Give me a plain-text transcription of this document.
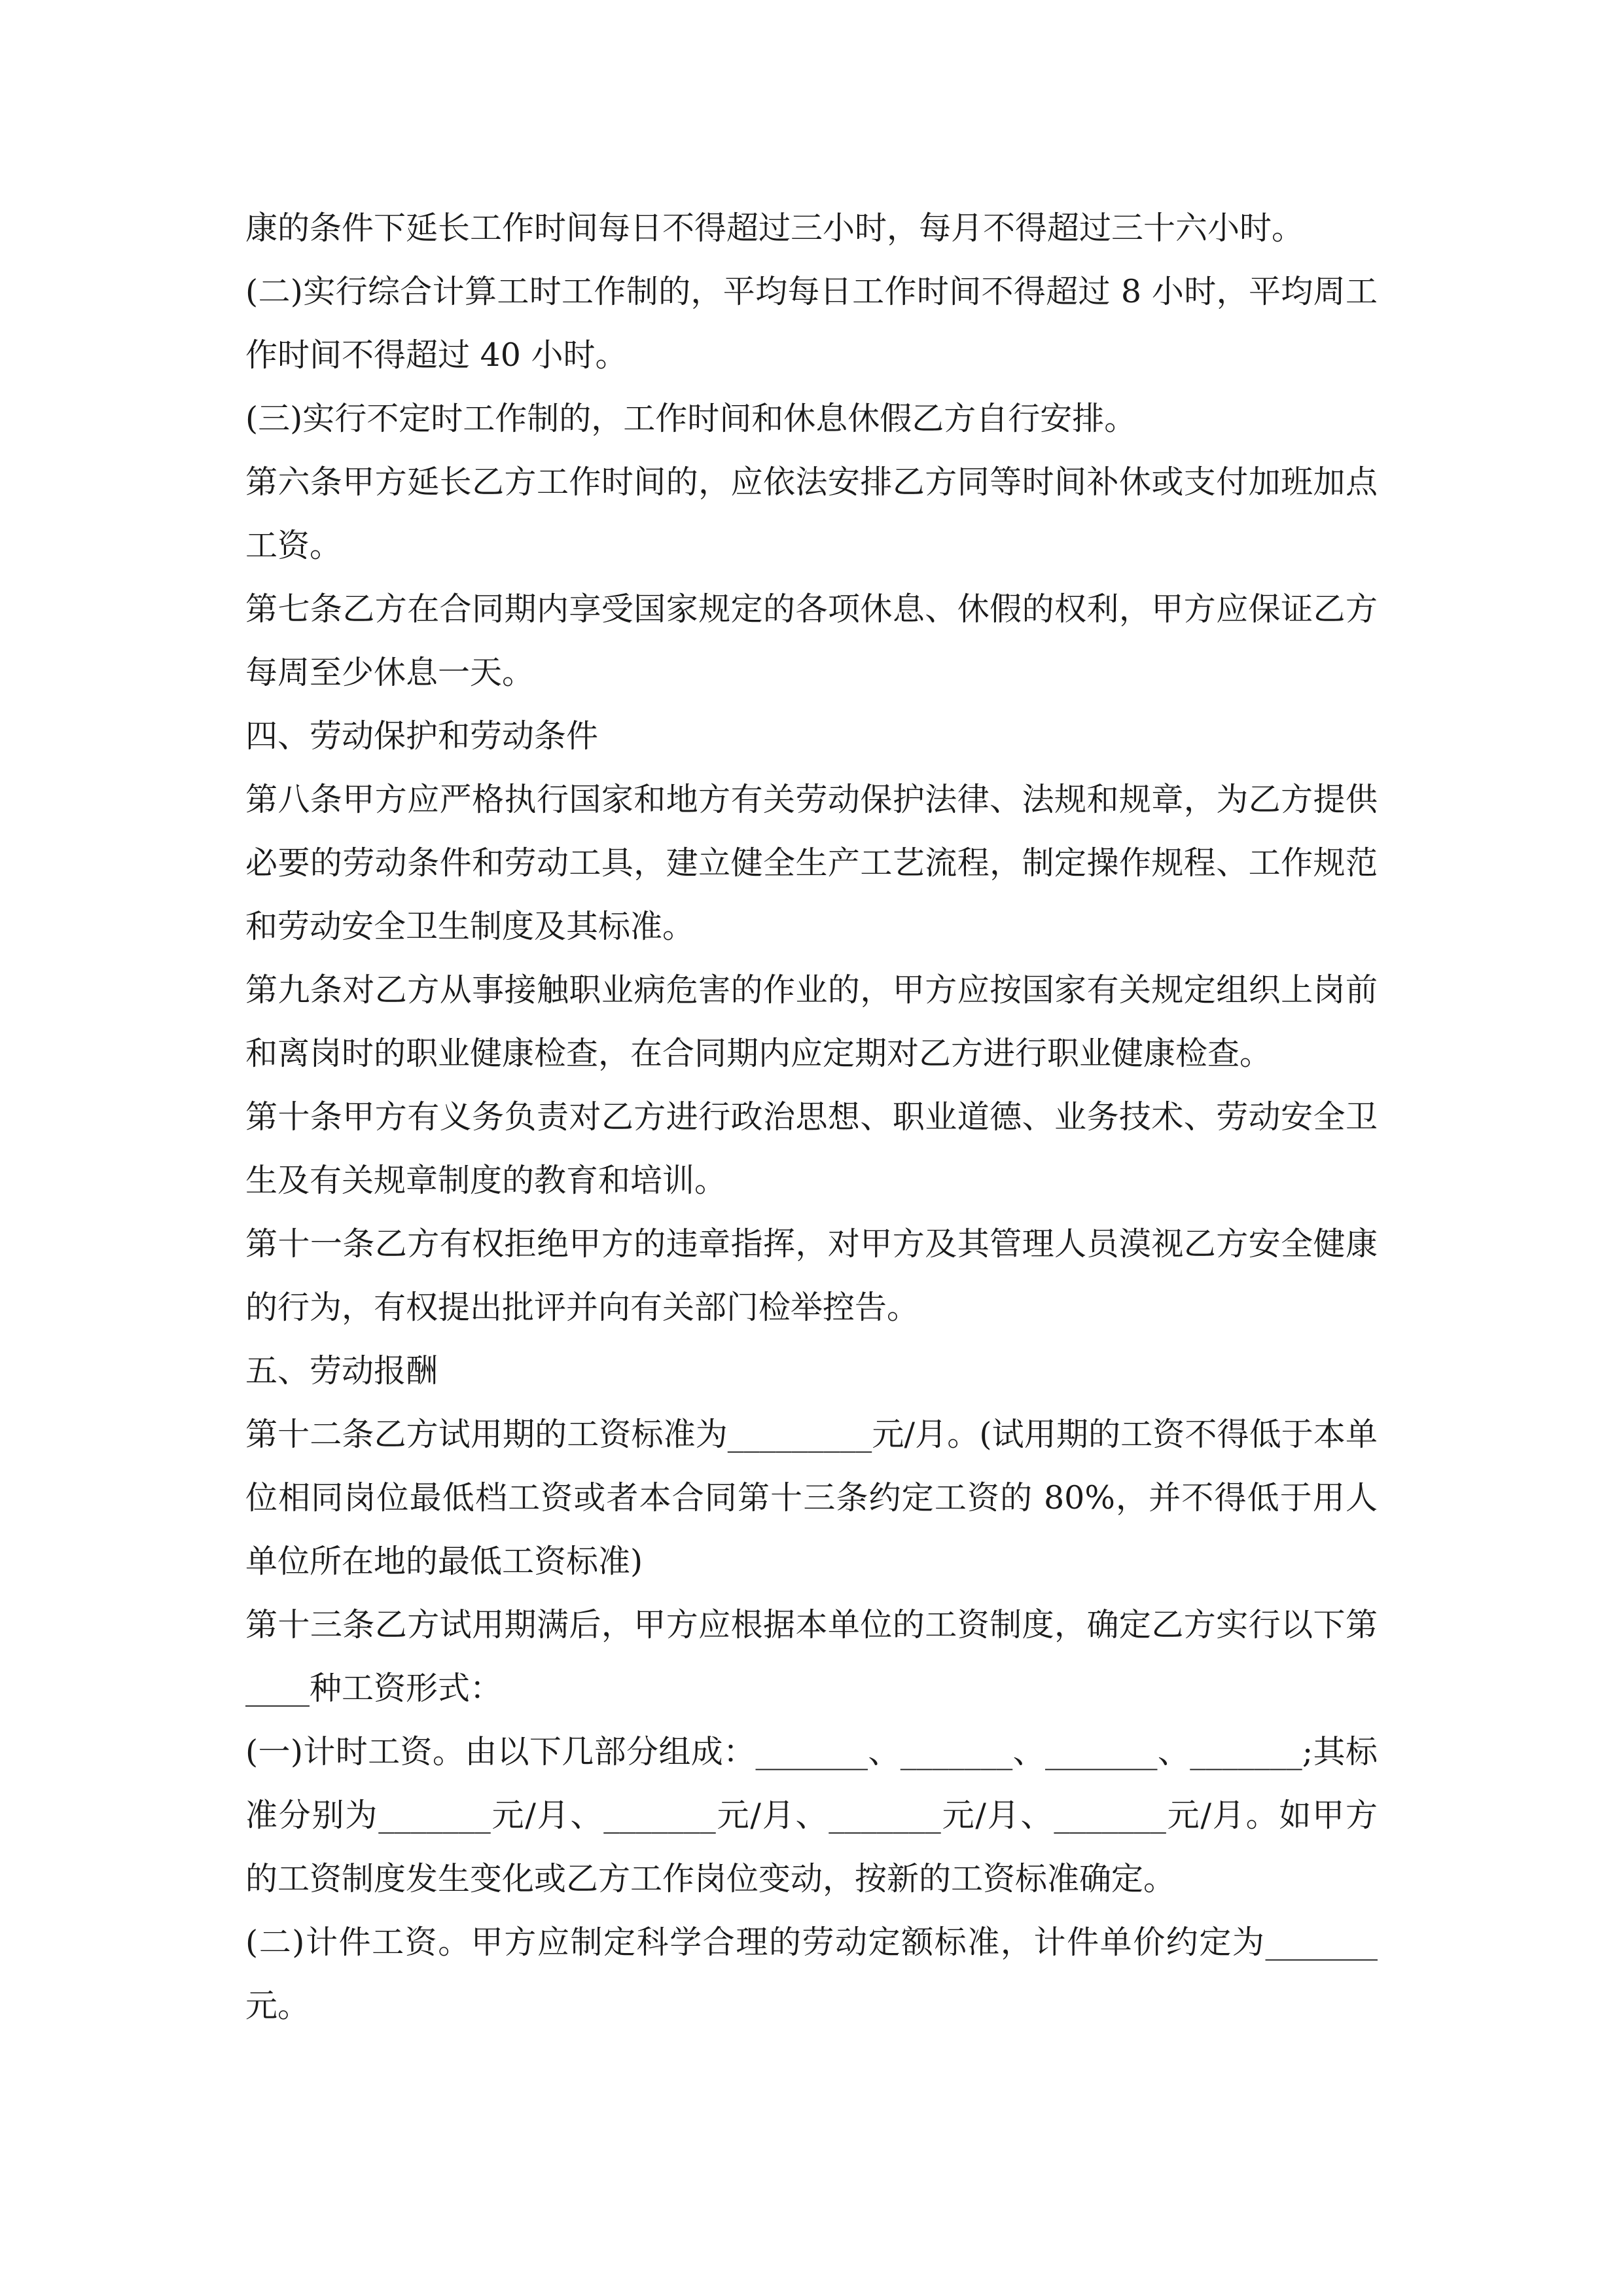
康的条件下延长工作时间每日不得超过三小时，每月不得超过三十六小时。

(二)实行综合计算工时工作制的，平均每日工作时间不得超过 8 小时，平均周工作时间不得超过 40 小时。

(三)实行不定时工作制的，工作时间和休息休假乙方自行安排。

第六条甲方延长乙方工作时间的，应依法安排乙方同等时间补休或支付加班加点工资。

第七条乙方在合同期内享受国家规定的各项休息、休假的权利，甲方应保证乙方每周至少休息一天。

四、劳动保护和劳动条件

第八条甲方应严格执行国家和地方有关劳动保护法律、法规和规章，为乙方提供必要的劳动条件和劳动工具，建立健全生产工艺流程，制定操作规程、工作规范和劳动安全卫生制度及其标准。

第九条对乙方从事接触职业病危害的作业的，甲方应按国家有关规定组织上岗前和离岗时的职业健康检查，在合同期内应定期对乙方进行职业健康检查。

第十条甲方有义务负责对乙方进行政治思想、职业道德、业务技术、劳动安全卫生及有关规章制度的教育和培训。

第十一条乙方有权拒绝甲方的违章指挥，对甲方及其管理人员漠视乙方安全健康的行为，有权提出批评并向有关部门检举控告。

五、劳动报酬

第十二条乙方试用期的工资标准为_________元/月。(试用期的工资不得低于本单位相同岗位最低档工资或者本合同第十三条约定工资的 80%，并不得低于用人单位所在地的最低工资标准)

第十三条乙方试用期满后，甲方应根据本单位的工资制度，确定乙方实行以下第____种工资形式：

(一)计时工资。由以下几部分组成：_______、_______、_______、_______;其标准分别为_______元/月、_______元/月、_______元/月、_______元/月。如甲方的工资制度发生变化或乙方工作岗位变动，按新的工资标准确定。

(二)计件工资。甲方应制定科学合理的劳动定额标准，计件单价约定为_______元。
